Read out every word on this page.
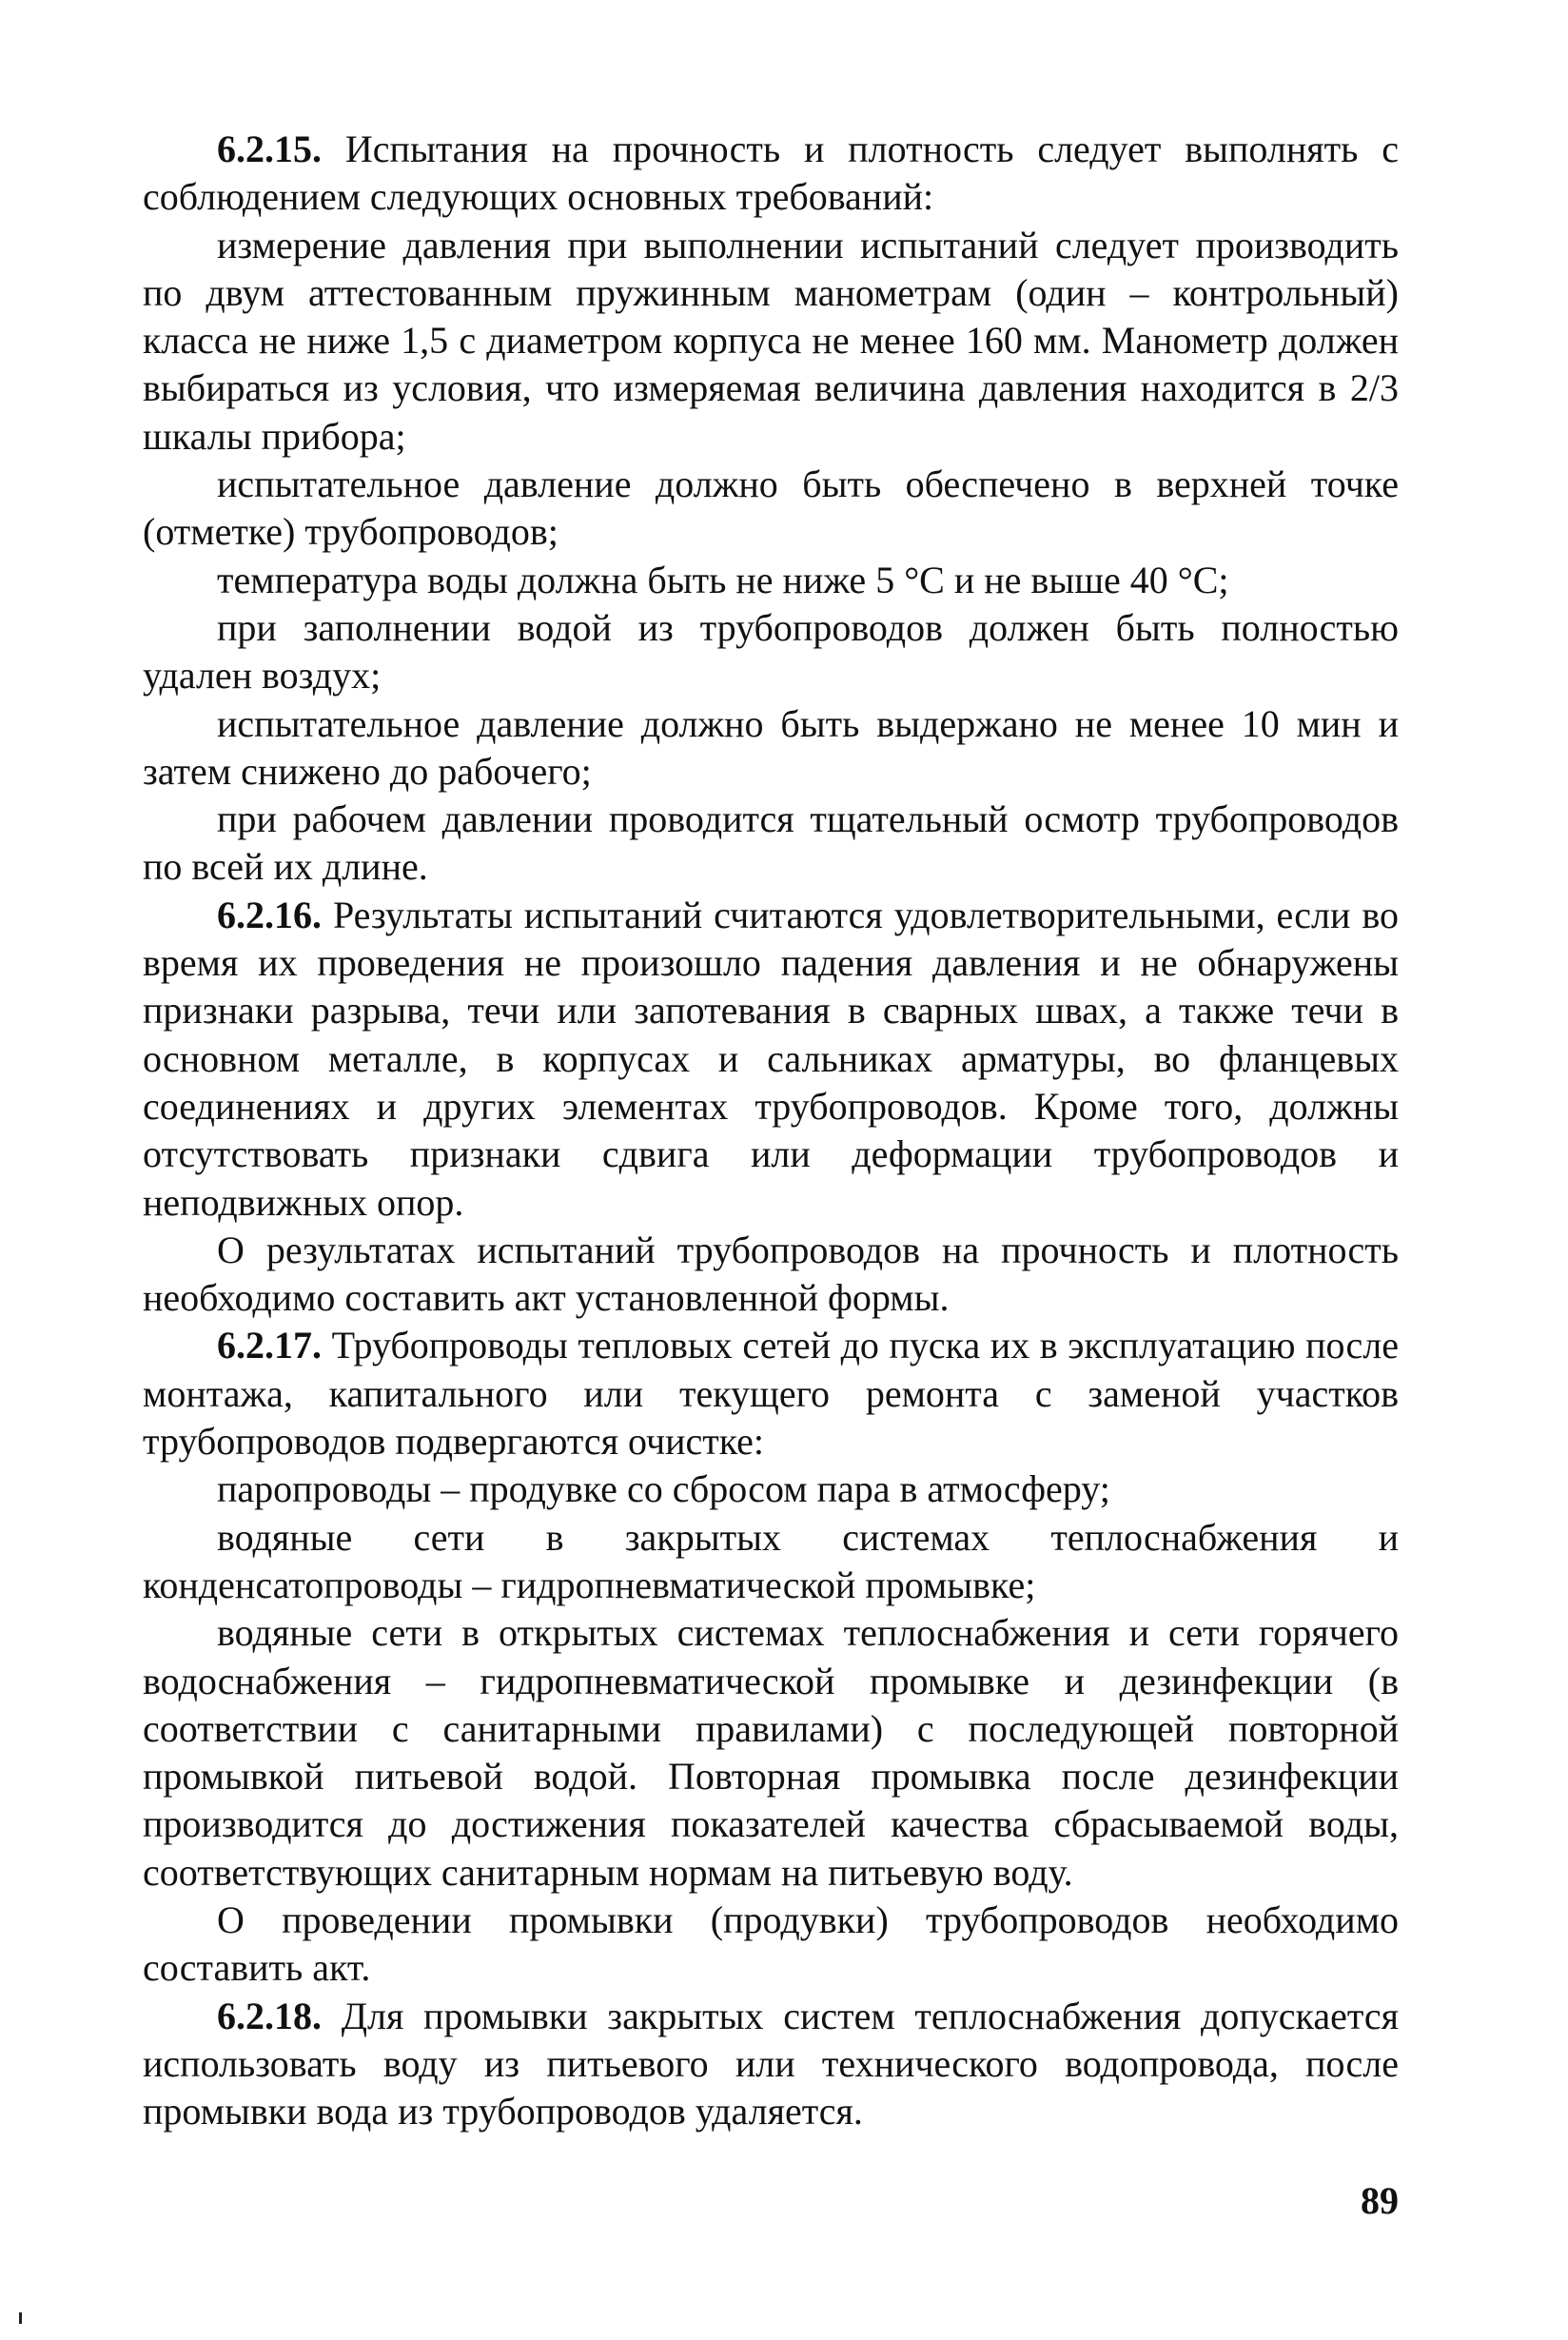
6.2.15. Испытания на прочность и плотность следует выполнять с соблюдением следующих основных требований:

измерение давления при выполнении испытаний следует производить по двум аттестованным пружинным манометрам (один – контрольный) класса не ниже 1,5 с диаметром корпуса не менее 160 мм. Манометр должен выбираться из условия, что измеряемая величина давления находится в 2/3 шкалы прибора;

испытательное давление должно быть обеспечено в верхней точке (отметке) трубопроводов;

температура воды должна быть не ниже 5 °С и не выше 40 °С;

при заполнении водой из трубопроводов должен быть полностью удален воздух;

испытательное давление должно быть выдержано не менее 10 мин и затем снижено до рабочего;

при рабочем давлении проводится тщательный осмотр трубопроводов по всей их длине.

6.2.16. Результаты испытаний считаются удовлетворительными, если во время их проведения не произошло падения давления и не обнаружены признаки разрыва, течи или запотевания в сварных швах, а также течи в основном металле, в корпусах и сальниках арматуры, во фланцевых соединениях и других элементах трубопроводов. Кроме того, должны отсутствовать признаки сдвига или деформации трубопроводов и неподвижных опор.

О результатах испытаний трубопроводов на прочность и плотность необходимо составить акт установленной формы.

6.2.17. Трубопроводы тепловых сетей до пуска их в эксплуатацию после монтажа, капитального или текущего ремонта с заменой участков трубопроводов подвергаются очистке:

паропроводы – продувке со сбросом пара в атмосферу;

водяные сети в закрытых системах теплоснабжения и конденсатопроводы – гидропневматической промывке;

водяные сети в открытых системах теплоснабжения и сети горячего водоснабжения – гидропневматической промывке и дезинфекции (в соответствии с санитарными правилами) с последующей повторной промывкой питьевой водой. Повторная промывка после дезинфекции производится до достижения показателей качества сбрасываемой воды, соответствующих санитарным нормам на питьевую воду.

О проведении промывки (продувки) трубопроводов необходимо составить акт.

6.2.18. Для промывки закрытых систем теплоснабжения допускается использовать воду из питьевого или технического водопровода, после промывки вода из трубопроводов удаляется.

89
